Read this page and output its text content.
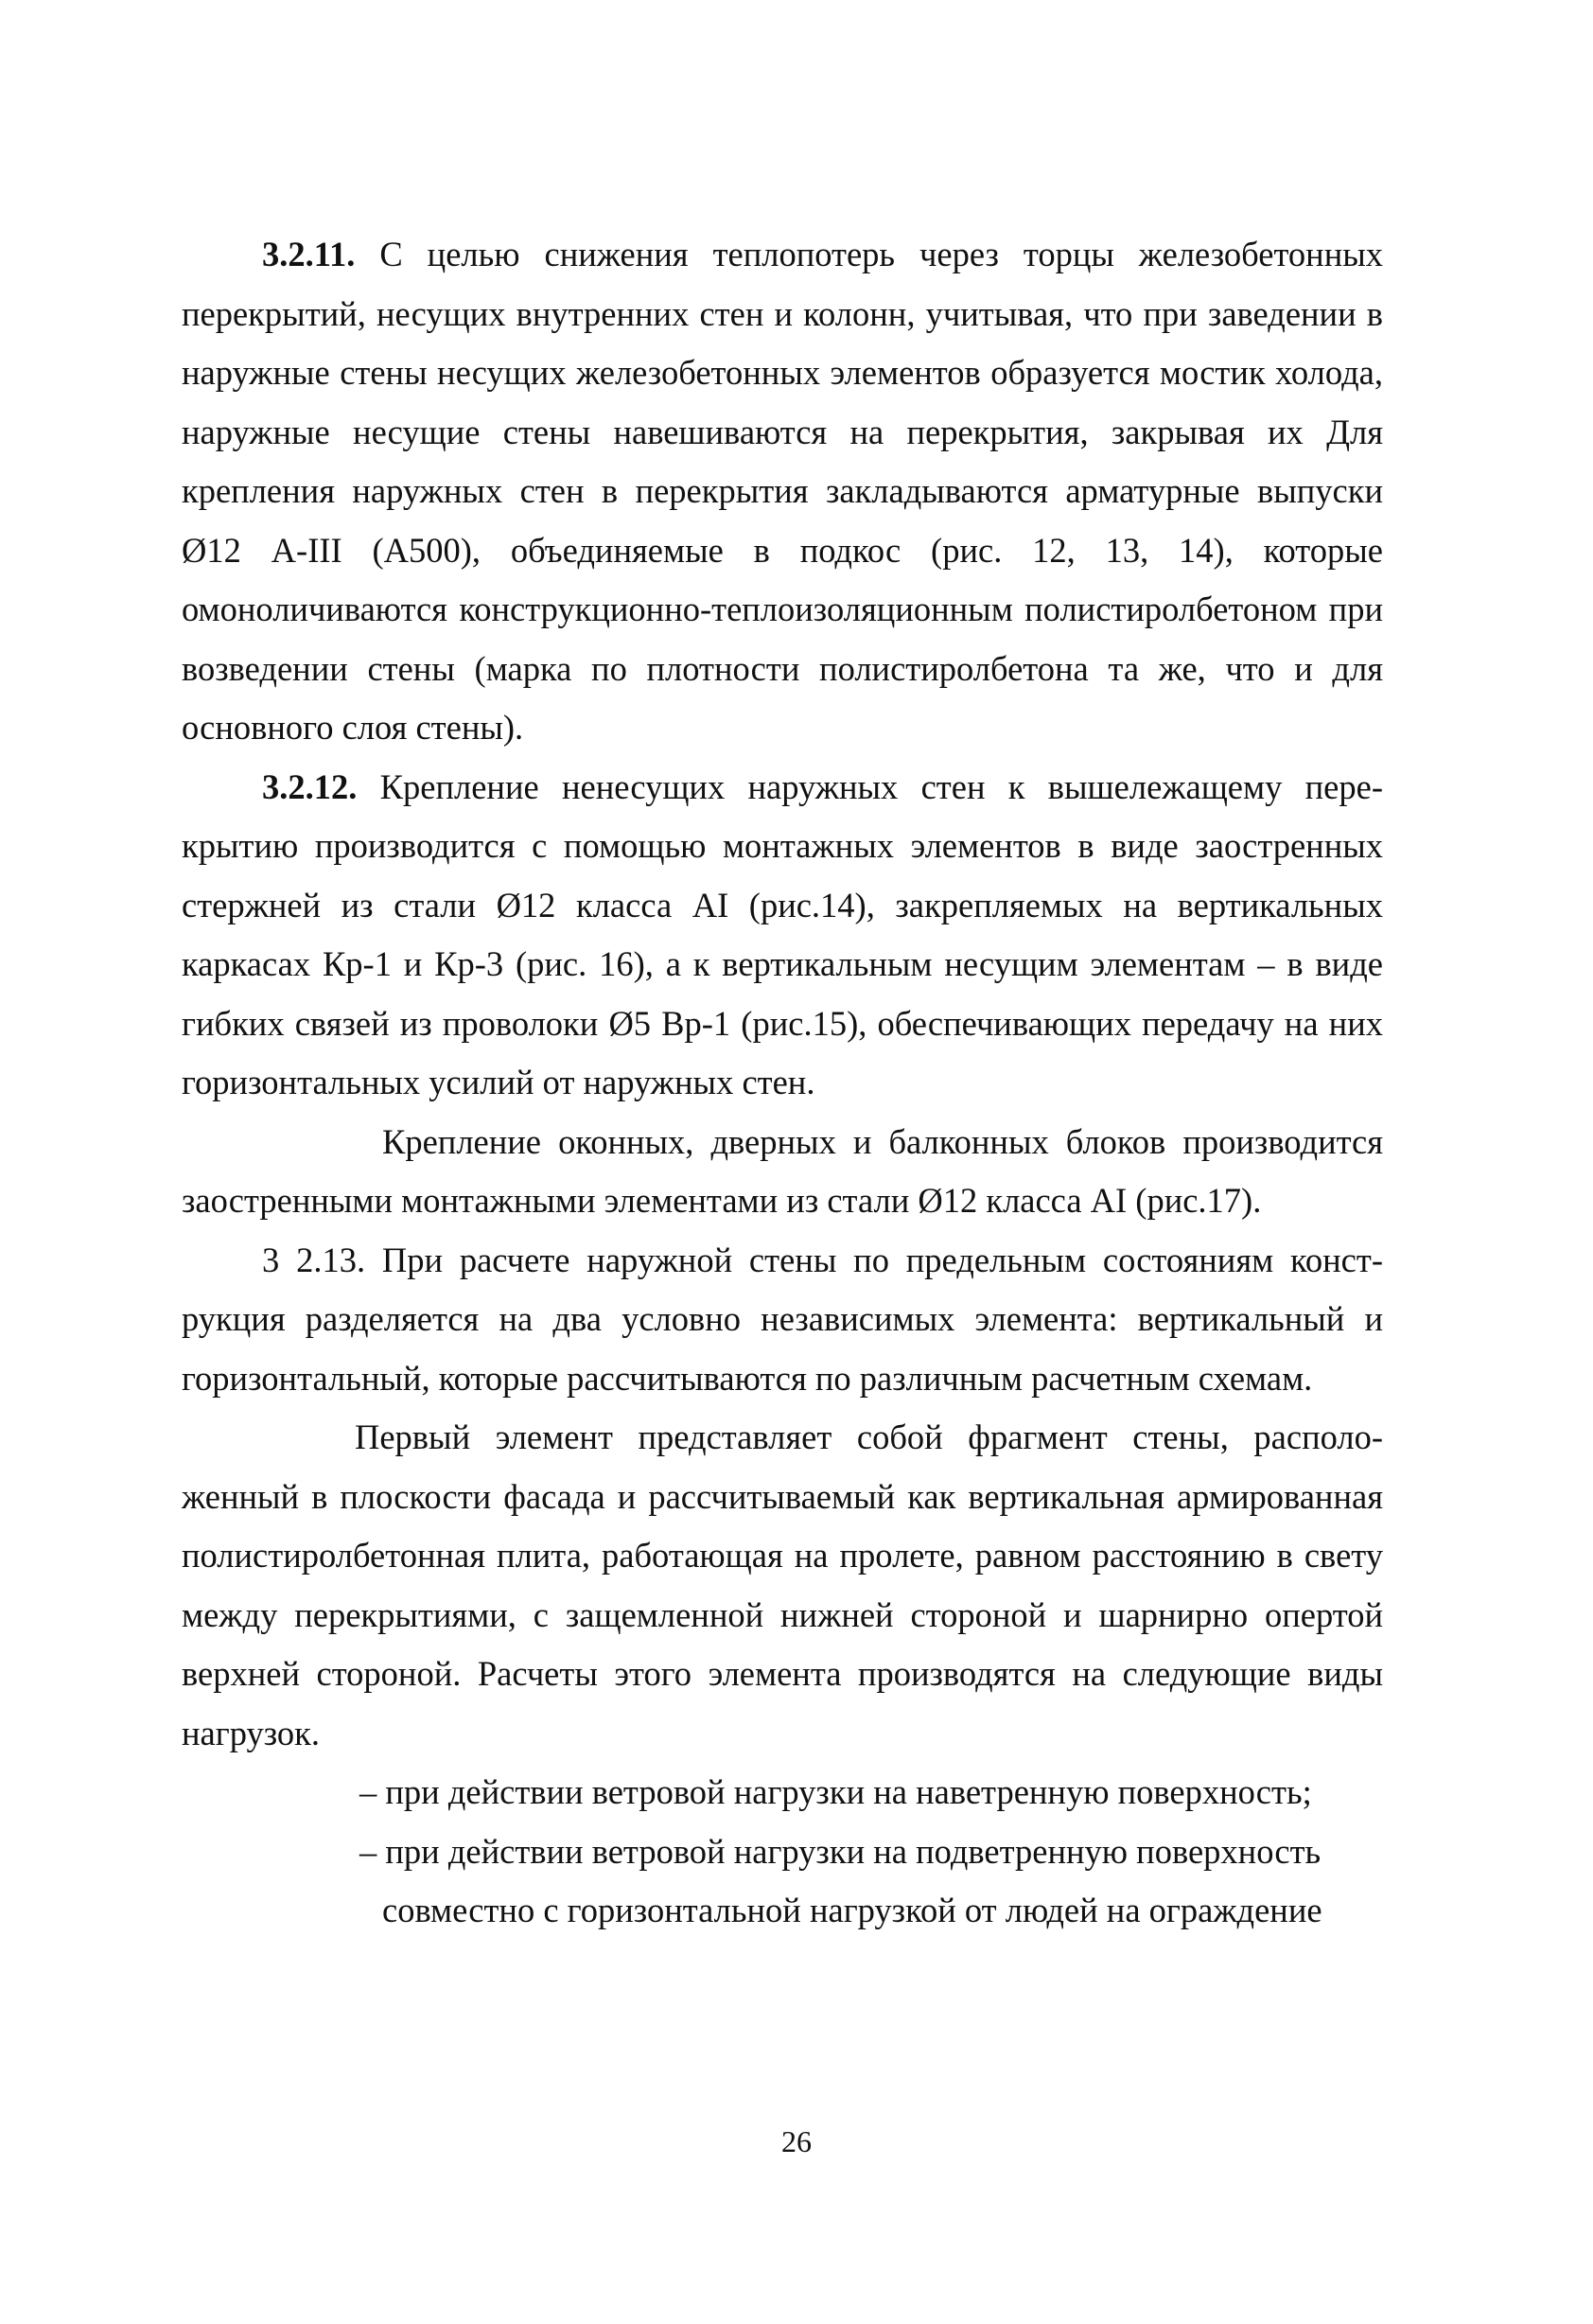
3.2.11. С целью снижения теплопотерь через торцы железобетонных перекрытий, несущих внутренних стен и колонн, учитывая, что при заведении в наружные стены несущих железобетонных элементов образуется мостик холода, наружные несущие стены навешиваются на перекрытия, закрывая их Для крепления наружных стен в перекрытия закладываются арматурные выпуски Ø12 А-III (А500), объединяемые в подкос (рис. 12, 13, 14), которые омоноличиваются конструкционно-теплоизоляционным полистиролбетоном при возведении стены (марка по плотности полистиролбетона та же, что и для основного слоя стены).

3.2.12. Крепление ненесущих наружных стен к вышележащему перекрытию производится с помощью монтажных элементов в виде заостренных стержней из стали Ø12 класса AI (рис.14), закрепляемых на вертикальных каркасах Кр-1 и Кр-3 (рис. 16), а к вертикальным несущим элементам – в виде гибких связей из проволоки Ø5 Вр-1 (рис.15), обеспечивающих передачу на них горизонтальных усилий от наружных стен.

Крепление оконных, дверных и балконных блоков производится заостренными монтажными элементами из стали Ø12 класса AI (рис.17).

3 2.13. При расчете наружной стены по предельным состояниям конструкция разделяется на два условно независимых элемента: вертикальный и горизонтальный, которые рассчитываются по различным расчетным схемам.

Первый элемент представляет собой фрагмент стены, расположенный в плоскости фасада и рассчитываемый как вертикальная армированная полистиролбетонная плита, работающая на пролете, равном расстоянию в свету между перекрытиями, с защемленной нижней стороной и шарнирно опертой верхней стороной. Расчеты этого элемента производятся на следующие виды нагрузок.

– при действии ветровой нагрузки на наветренную поверхность;
– при действии ветровой нагрузки на подветренную поверхность
совместно с горизонтальной нагрузкой от людей на ограждение
26
